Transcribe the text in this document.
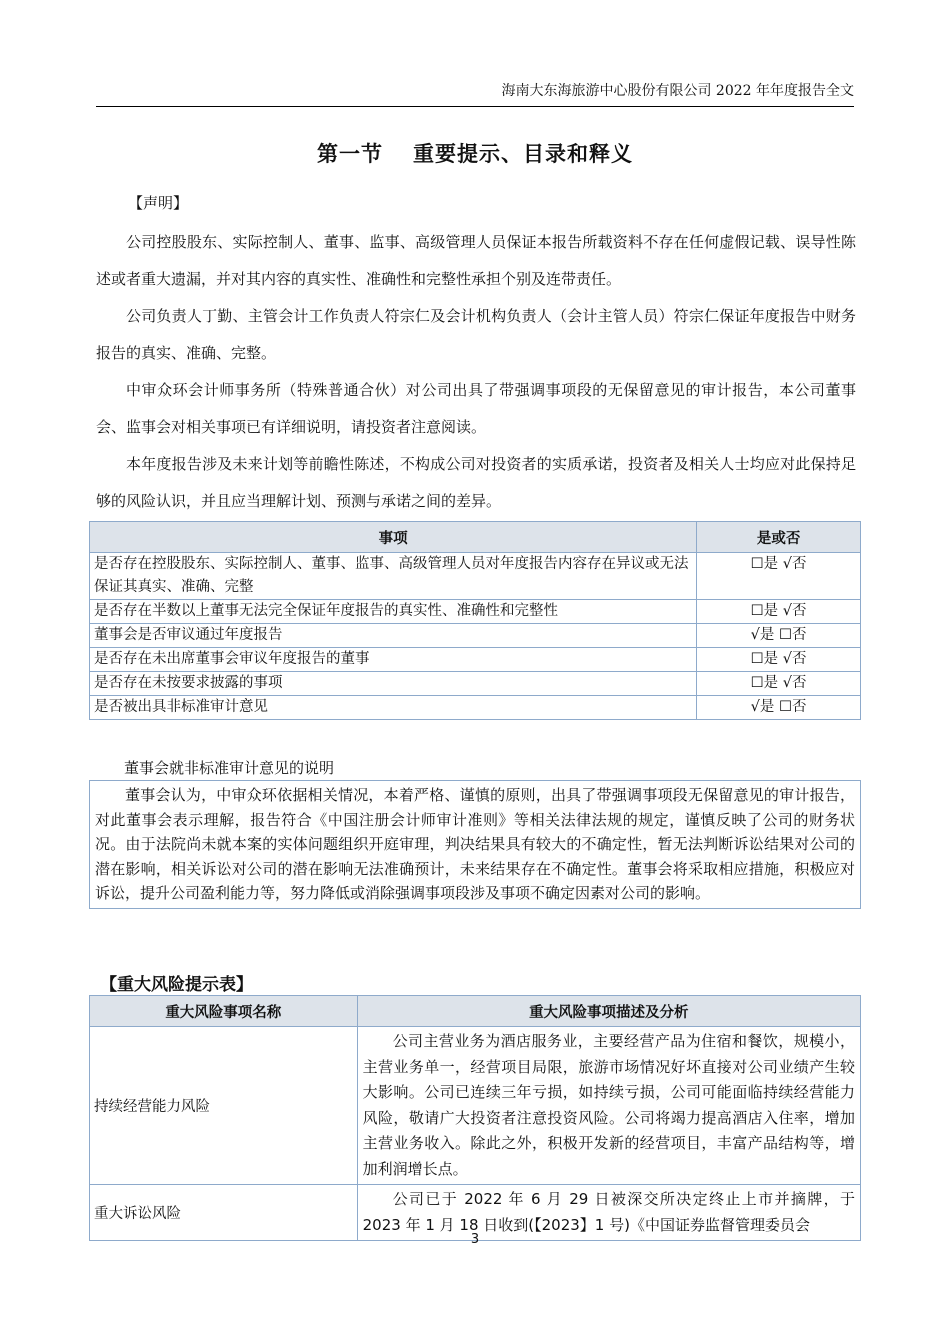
海南大东海旅游中心股份有限公司 2022 年年度报告全文
第一节 重要提示、目录和释义
【声明】

公司控股股东、实际控制人、董事、监事、高级管理人员保证本报告所载资料不存在任何虚假记载、误导性陈述或者重大遗漏，并对其内容的真实性、准确性和完整性承担个别及连带责任。

公司负责人丁勤、主管会计工作负责人符宗仁及会计机构负责人（会计主管人员）符宗仁保证年度报告中财务报告的真实、准确、完整。

中审众环会计师事务所（特殊普通合伙）对公司出具了带强调事项段的无保留意见的审计报告，本公司董事会、监事会对相关事项已有详细说明，请投资者注意阅读。

本年度报告涉及未来计划等前瞻性陈述，不构成公司对投资者的实质承诺，投资者及相关人士均应对此保持足够的风险认识，并且应当理解计划、预测与承诺之间的差异。

事项	是或否
是否存在控股股东、实际控制人、董事、监事、高级管理人员对年度报告内容存在异议或无法保证其真实、准确、完整	☐是 √否
是否存在半数以上董事无法完全保证年度报告的真实性、准确性和完整性	☐是 √否
董事会是否审议通过年度报告	√是 ☐否
是否存在未出席董事会审议年度报告的董事	☐是 √否
是否存在未按要求披露的事项	☐是 √否
是否被出具非标准审计意见	√是 ☐否
董事会就非标准审计意见的说明
董事会认为，中审众环依据相关情况，本着严格、谨慎的原则，出具了带强调事项段无保留意见的审计报告，对此董事会表示理解，报告符合《中国注册会计师审计准则》等相关法律法规的规定，谨慎反映了公司的财务状况。由于法院尚未就本案的实体问题组织开庭审理，判决结果具有较大的不确定性，暂无法判断诉讼结果对公司的潜在影响，相关诉讼对公司的潜在影响无法准确预计，未来结果存在不确定性。董事会将采取相应措施，积极应对诉讼，提升公司盈利能力等，努力降低或消除强调事项段涉及事项不确定因素对公司的影响。
【重大风险提示表】
重大风险事项名称	重大风险事项描述及分析
持续经营能力风险	公司主营业务为酒店服务业，主要经营产品为住宿和餐饮，规模小，主营业务单一，经营项目局限，旅游市场情况好坏直接对公司业绩产生较大影响。公司已连续三年亏损，如持续亏损，公司可能面临持续经营能力风险，敬请广大投资者注意投资风险。公司将竭力提高酒店入住率，增加主营业务收入。除此之外，积极开发新的经营项目，丰富产品结构等，增加利润增长点。
重大诉讼风险	公司已于 2022 年 6 月 29 日被深交所决定终止上市并摘牌，于 2023 年 1 月 18 日收到(【2023】1 号)《中国证券监督管理委员会
3
